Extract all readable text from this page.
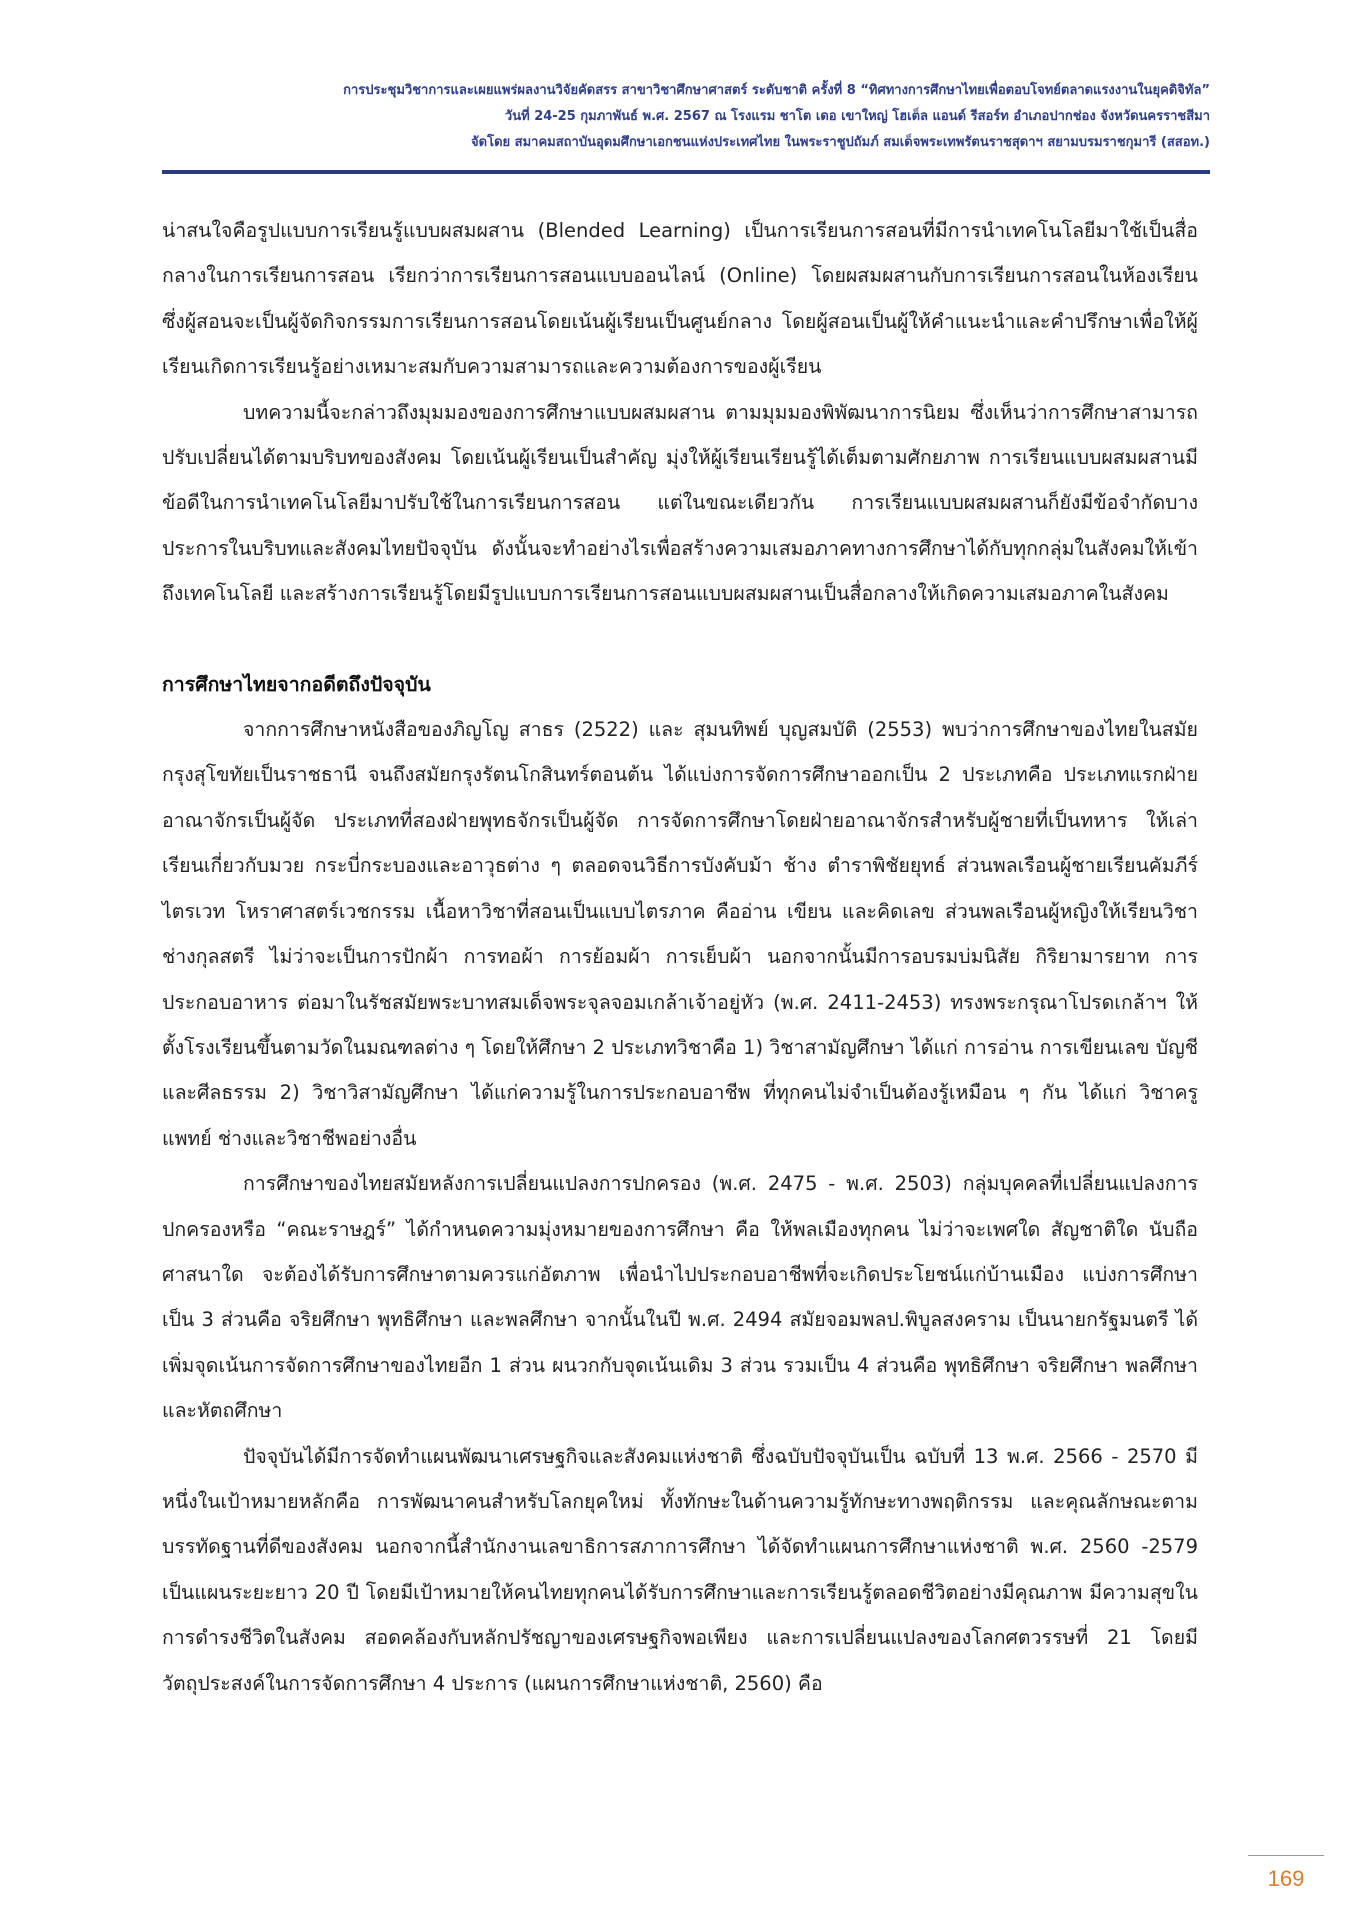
การประชุมวิชาการและเผยแพร่ผลงานวิจัยคัดสรร สาขาวิชาศึกษาศาสตร์ ระดับชาติ ครั้งที่ 8 “ทิศทางการศึกษาไทยเพื่อตอบโจทย์ตลาดแรงงานในยุคดิจิทัล”
วันที่ 24-25 กุมภาพันธ์ พ.ศ. 2567 ณ โรงแรม ชาโต เดอ เขาใหญ่ โฮเต็ล แอนด์ รีสอร์ท อำเภอปากช่อง จังหวัดนครราชสีมา
จัดโดย สมาคมสถาบันอุดมศึกษาเอกชนแห่งประเทศไทย ในพระราชูปถัมภ์ สมเด็จพระเทพรัตนราชสุดาฯ สยามบรมราชกุมารี (สสอท.)

น่าสนใจคือรูปแบบการเรียนรู้แบบผสมผสาน (Blended Learning) เป็นการเรียนการสอนที่มีการนำเทคโนโลยีมาใช้เป็นสื่อกลางในการเรียนการสอน เรียกว่าการเรียนการสอนแบบออนไลน์ (Online) โดยผสมผสานกับการเรียนการสอนในห้องเรียน ซึ่งผู้สอนจะเป็นผู้จัดกิจกรรมการเรียนการสอนโดยเน้นผู้เรียนเป็นศูนย์กลาง โดยผู้สอนเป็นผู้ให้คำแนะนำและคำปรึกษาเพื่อให้ผู้เรียนเกิดการเรียนรู้อย่างเหมาะสมกับความสามารถและความต้องการของผู้เรียน

บทความนี้จะกล่าวถึงมุมมองของการศึกษาแบบผสมผสาน ตามมุมมองพิพัฒนาการนิยม ซึ่งเห็นว่าการศึกษาสามารถปรับเปลี่ยนได้ตามบริบทของสังคม โดยเน้นผู้เรียนเป็นสำคัญ มุ่งให้ผู้เรียนเรียนรู้ได้เต็มตามศักยภาพ การเรียนแบบผสมผสานมีข้อดีในการนำเทคโนโลยีมาปรับใช้ในการเรียนการสอน แต่ในขณะเดียวกัน การเรียนแบบผสมผสานก็ยังมีข้อจำกัดบางประการในบริบทและสังคมไทยปัจจุบัน ดังนั้นจะทำอย่างไรเพื่อสร้างความเสมอภาคทางการศึกษาได้กับทุกกลุ่มในสังคมให้เข้าถึงเทคโนโลยี และสร้างการเรียนรู้โดยมีรูปแบบการเรียนการสอนแบบผสมผสานเป็นสื่อกลางให้เกิดความเสมอภาคในสังคม

การศึกษาไทยจากอดีตถึงปัจจุบัน

จากการศึกษาหนังสือของภิญโญ สาธร (2522) และ สุมนทิพย์ บุญสมบัติ (2553) พบว่าการศึกษาของไทยในสมัยกรุงสุโขทัยเป็นราชธานี จนถึงสมัยกรุงรัตนโกสินทร์ตอนต้น ได้แบ่งการจัดการศึกษาออกเป็น 2 ประเภทคือ ประเภทแรกฝ่ายอาณาจักรเป็นผู้จัด ประเภทที่สองฝ่ายพุทธจักรเป็นผู้จัด การจัดการศึกษาโดยฝ่ายอาณาจักรสำหรับผู้ชายที่เป็นทหาร ให้เล่าเรียนเกี่ยวกับมวย กระบี่กระบองและอาวุธต่าง ๆ ตลอดจนวิธีการบังคับม้า ช้าง ตำราพิชัยยุทธ์ ส่วนพลเรือนผู้ชายเรียนคัมภีร์ไตรเวท โหราศาสตร์เวชกรรม เนื้อหาวิชาที่สอนเป็นแบบไตรภาค คืออ่าน เขียน และคิดเลข ส่วนพลเรือนผู้หญิงให้เรียนวิชาช่างกุลสตรี ไม่ว่าจะเป็นการปักผ้า การทอผ้า การย้อมผ้า การเย็บผ้า นอกจากนั้นมีการอบรมบ่มนิสัย กิริยามารยาท การประกอบอาหาร ต่อมาในรัชสมัยพระบาทสมเด็จพระจุลจอมเกล้าเจ้าอยู่หัว (พ.ศ. 2411-2453) ทรงพระกรุณาโปรดเกล้าฯ ให้ตั้งโรงเรียนขึ้นตามวัดในมณฑลต่าง ๆ โดยให้ศึกษา 2 ประเภทวิชาคือ 1) วิชาสามัญศึกษา ได้แก่ การอ่าน การเขียนเลข บัญชี และศีลธรรม 2) วิชาวิสามัญศึกษา ได้แก่ความรู้ในการประกอบอาชีพ ที่ทุกคนไม่จำเป็นต้องรู้เหมือน ๆ กัน ได้แก่ วิชาครู แพทย์ ช่างและวิชาชีพอย่างอื่น

การศึกษาของไทยสมัยหลังการเปลี่ยนแปลงการปกครอง (พ.ศ. 2475 - พ.ศ. 2503) กลุ่มบุคคลที่เปลี่ยนแปลงการปกครองหรือ “คณะราษฎร์” ได้กำหนดความมุ่งหมายของการศึกษา คือ ให้พลเมืองทุกคน ไม่ว่าจะเพศใด สัญชาติใด นับถือศาสนาใด จะต้องได้รับการศึกษาตามควรแก่อัตภาพ เพื่อนำไปประกอบอาชีพที่จะเกิดประโยชน์แก่บ้านเมือง แบ่งการศึกษา เป็น 3 ส่วนคือ จริยศึกษา พุทธิศึกษา และพลศึกษา จากนั้นในปี พ.ศ. 2494 สมัยจอมพลป.พิบูลสงคราม เป็นนายกรัฐมนตรี ได้เพิ่มจุดเน้นการจัดการศึกษาของไทยอีก 1 ส่วน ผนวกกับจุดเน้นเดิม 3 ส่วน รวมเป็น 4 ส่วนคือ พุทธิศึกษา จริยศึกษา พลศึกษา และหัตถศึกษา

ปัจจุบันได้มีการจัดทำแผนพัฒนาเศรษฐกิจและสังคมแห่งชาติ ซึ่งฉบับปัจจุบันเป็น ฉบับที่ 13 พ.ศ. 2566 - 2570 มีหนึ่งในเป้าหมายหลักคือ การพัฒนาคนสำหรับโลกยุคใหม่ ทั้งทักษะในด้านความรู้ทักษะทางพฤติกรรม และคุณลักษณะตามบรรทัดฐานที่ดีของสังคม นอกจากนี้สำนักงานเลขาธิการสภาการศึกษา ได้จัดทำแผนการศึกษาแห่งชาติ พ.ศ. 2560 -2579 เป็นแผนระยะยาว 20 ปี โดยมีเป้าหมายให้คนไทยทุกคนได้รับการศึกษาและการเรียนรู้ตลอดชีวิตอย่างมีคุณภาพ มีความสุขในการดำรงชีวิตในสังคม สอดคล้องกับหลักปรัชญาของเศรษฐกิจพอเพียง และการเปลี่ยนแปลงของโลกศตวรรษที่ 21 โดยมีวัตถุประสงค์ในการจัดการศึกษา 4 ประการ (แผนการศึกษาแห่งชาติ, 2560) คือ

169
